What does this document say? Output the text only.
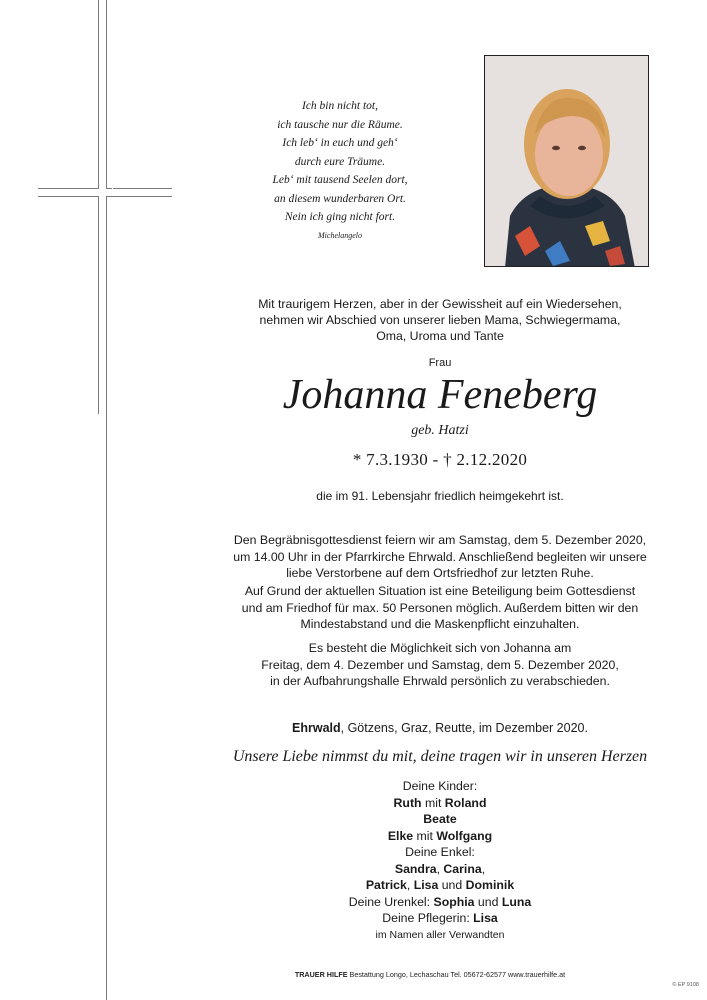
Ich bin nicht tot,
ich tausche nur die Räume.
Ich leb‘ in euch und geh‘
durch eure Träume.
Leb‘ mit tausend Seelen dort,
an diesem wunderbaren Ort.
Nein ich ging nicht fort.
Michelangelo
Mit traurigem Herzen, aber in der Gewissheit auf ein Wiedersehen,
nehmen wir Abschied von unserer lieben Mama, Schwiegermama,
Oma, Uroma und Tante
Frau
Johanna Feneberg
geb. Hatzi
* 7.3.1930 - † 2.12.2020
die im 91. Lebensjahr friedlich heimgekehrt ist.
Den Begräbnisgottesdienst feiern wir am Samstag, dem 5. Dezember 2020,
um 14.00 Uhr in der Pfarrkirche Ehrwald. Anschließend begleiten wir unsere
liebe Verstorbene auf dem Ortsfriedhof zur letzten Ruhe.
Auf Grund der aktuellen Situation ist eine Beteiligung beim Gottesdienst
und am Friedhof für max. 50 Personen möglich. Außerdem bitten wir den
Mindestabstand und die Maskenpflicht einzuhalten.
Es besteht die Möglichkeit sich von Johanna am
Freitag, dem 4. Dezember und Samstag, dem 5. Dezember 2020,
in der Aufbahrungshalle Ehrwald persönlich zu verabschieden.
Ehrwald, Götzens, Graz, Reutte, im Dezember 2020.
Unsere Liebe nimmst du mit, deine tragen wir in unseren Herzen
Deine Kinder:
Ruth mit Roland
Beate
Elke mit Wolfgang
Deine Enkel:
Sandra, Carina,
Patrick, Lisa und Dominik
Deine Urenkel: Sophia und Luna
Deine Pflegerin: Lisa
im Namen aller Verwandten
TRAUER HILFE Bestattung Longo, Lechaschau Tel. 05672-62577 www.trauerhilfe.at
© EP 9108
